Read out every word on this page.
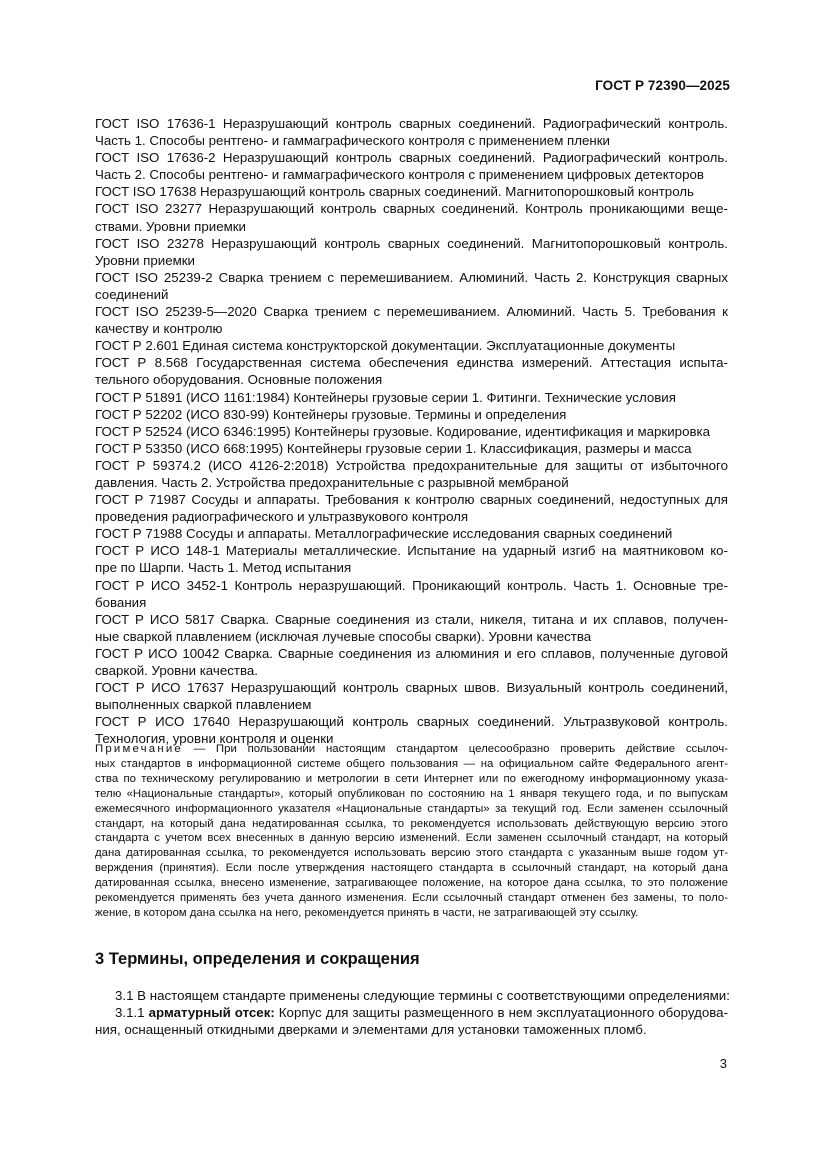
ГОСТ Р 72390—2025
ГОСТ ISO 17636-1 Неразрушающий контроль сварных соединений. Радиографический контроль.
Часть 1. Способы рентгено- и гаммаграфического контроля с применением пленки
ГОСТ ISO 17636-2 Неразрушающий контроль сварных соединений. Радиографический контроль.
Часть 2. Способы рентгено- и гаммаграфического контроля с применением цифровых детекторов
ГОСТ ISO 17638 Неразрушающий контроль сварных соединений. Магнитопорошковый контроль
ГОСТ ISO 23277 Неразрушающий контроль сварных соединений. Контроль проникающими веще-
ствами. Уровни приемки
ГОСТ ISO 23278 Неразрушающий контроль сварных соединений. Магнитопорошковый контроль.
Уровни приемки
ГОСТ ISO 25239-2 Сварка трением с перемешиванием. Алюминий. Часть 2. Конструкция сварных
соединений
ГОСТ ISO 25239-5—2020 Сварка трением с перемешиванием. Алюминий. Часть 5. Требования к
качеству и контролю
ГОСТ Р 2.601 Единая система конструкторской документации. Эксплуатационные документы
ГОСТ Р 8.568 Государственная система обеспечения единства измерений. Аттестация испыта-
тельного оборудования. Основные положения
ГОСТ Р 51891 (ИСО 1161:1984) Контейнеры грузовые серии 1. Фитинги. Технические условия
ГОСТ Р 52202 (ИСО 830-99) Контейнеры грузовые. Термины и определения
ГОСТ Р 52524 (ИСО 6346:1995) Контейнеры грузовые. Кодирование, идентификация и маркировка
ГОСТ Р 53350 (ИСО 668:1995) Контейнеры грузовые серии 1. Классификация, размеры и масса
ГОСТ Р 59374.2 (ИСО 4126-2:2018) Устройства предохранительные для защиты от избыточного
давления. Часть 2. Устройства предохранительные с разрывной мембраной
ГОСТ Р 71987 Сосуды и аппараты. Требования к контролю сварных соединений, недоступных для
проведения радиографического и ультразвукового контроля
ГОСТ Р 71988 Сосуды и аппараты. Металлографические исследования сварных соединений
ГОСТ Р ИСО 148-1 Материалы металлические. Испытание на ударный изгиб на маятниковом ко-
пре по Шарпи. Часть 1. Метод испытания
ГОСТ Р ИСО 3452-1 Контроль неразрушающий. Проникающий контроль. Часть 1. Основные тре-
бования
ГОСТ Р ИСО 5817 Сварка. Сварные соединения из стали, никеля, титана и их сплавов, получен-
ные сваркой плавлением (исключая лучевые способы сварки). Уровни качества
ГОСТ Р ИСО 10042 Сварка. Сварные соединения из алюминия и его сплавов, полученные дуговой
сваркой. Уровни качества.
ГОСТ Р ИСО 17637 Неразрушающий контроль сварных швов. Визуальный контроль соединений,
выполненных сваркой плавлением
ГОСТ Р ИСО 17640 Неразрушающий контроль сварных соединений. Ультразвуковой контроль.
Технология, уровни контроля и оценки
Примечание — При пользовании настоящим стандартом целесообразно проверить действие ссылоч-
ных стандартов в информационной системе общего пользования — на официальном сайте Федерального агент-
ства по техническому регулированию и метрологии в сети Интернет или по ежегодному информационному указа-
телю «Национальные стандарты», который опубликован по состоянию на 1 января текущего года, и по выпускам
ежемесячного информационного указателя «Национальные стандарты» за текущий год. Если заменен ссылочный
стандарт, на который дана недатированная ссылка, то рекомендуется использовать действующую версию этого
стандарта с учетом всех внесенных в данную версию изменений. Если заменен ссылочный стандарт, на который
дана датированная ссылка, то рекомендуется использовать версию этого стандарта с указанным выше годом ут-
верждения (принятия). Если после утверждения настоящего стандарта в ссылочный стандарт, на который дана
датированная ссылка, внесено изменение, затрагивающее положение, на которое дана ссылка, то это положение
рекомендуется применять без учета данного изменения. Если ссылочный стандарт отменен без замены, то поло-
жение, в котором дана ссылка на него, рекомендуется принять в части, не затрагивающей эту ссылку.
3 Термины, определения и сокращения
3.1 В настоящем стандарте применены следующие термины с соответствующими определениями:
3.1.1 арматурный отсек: Корпус для защиты размещенного в нем эксплуатационного оборудова-
ния, оснащенный откидными дверками и элементами для установки таможенных пломб.
3
